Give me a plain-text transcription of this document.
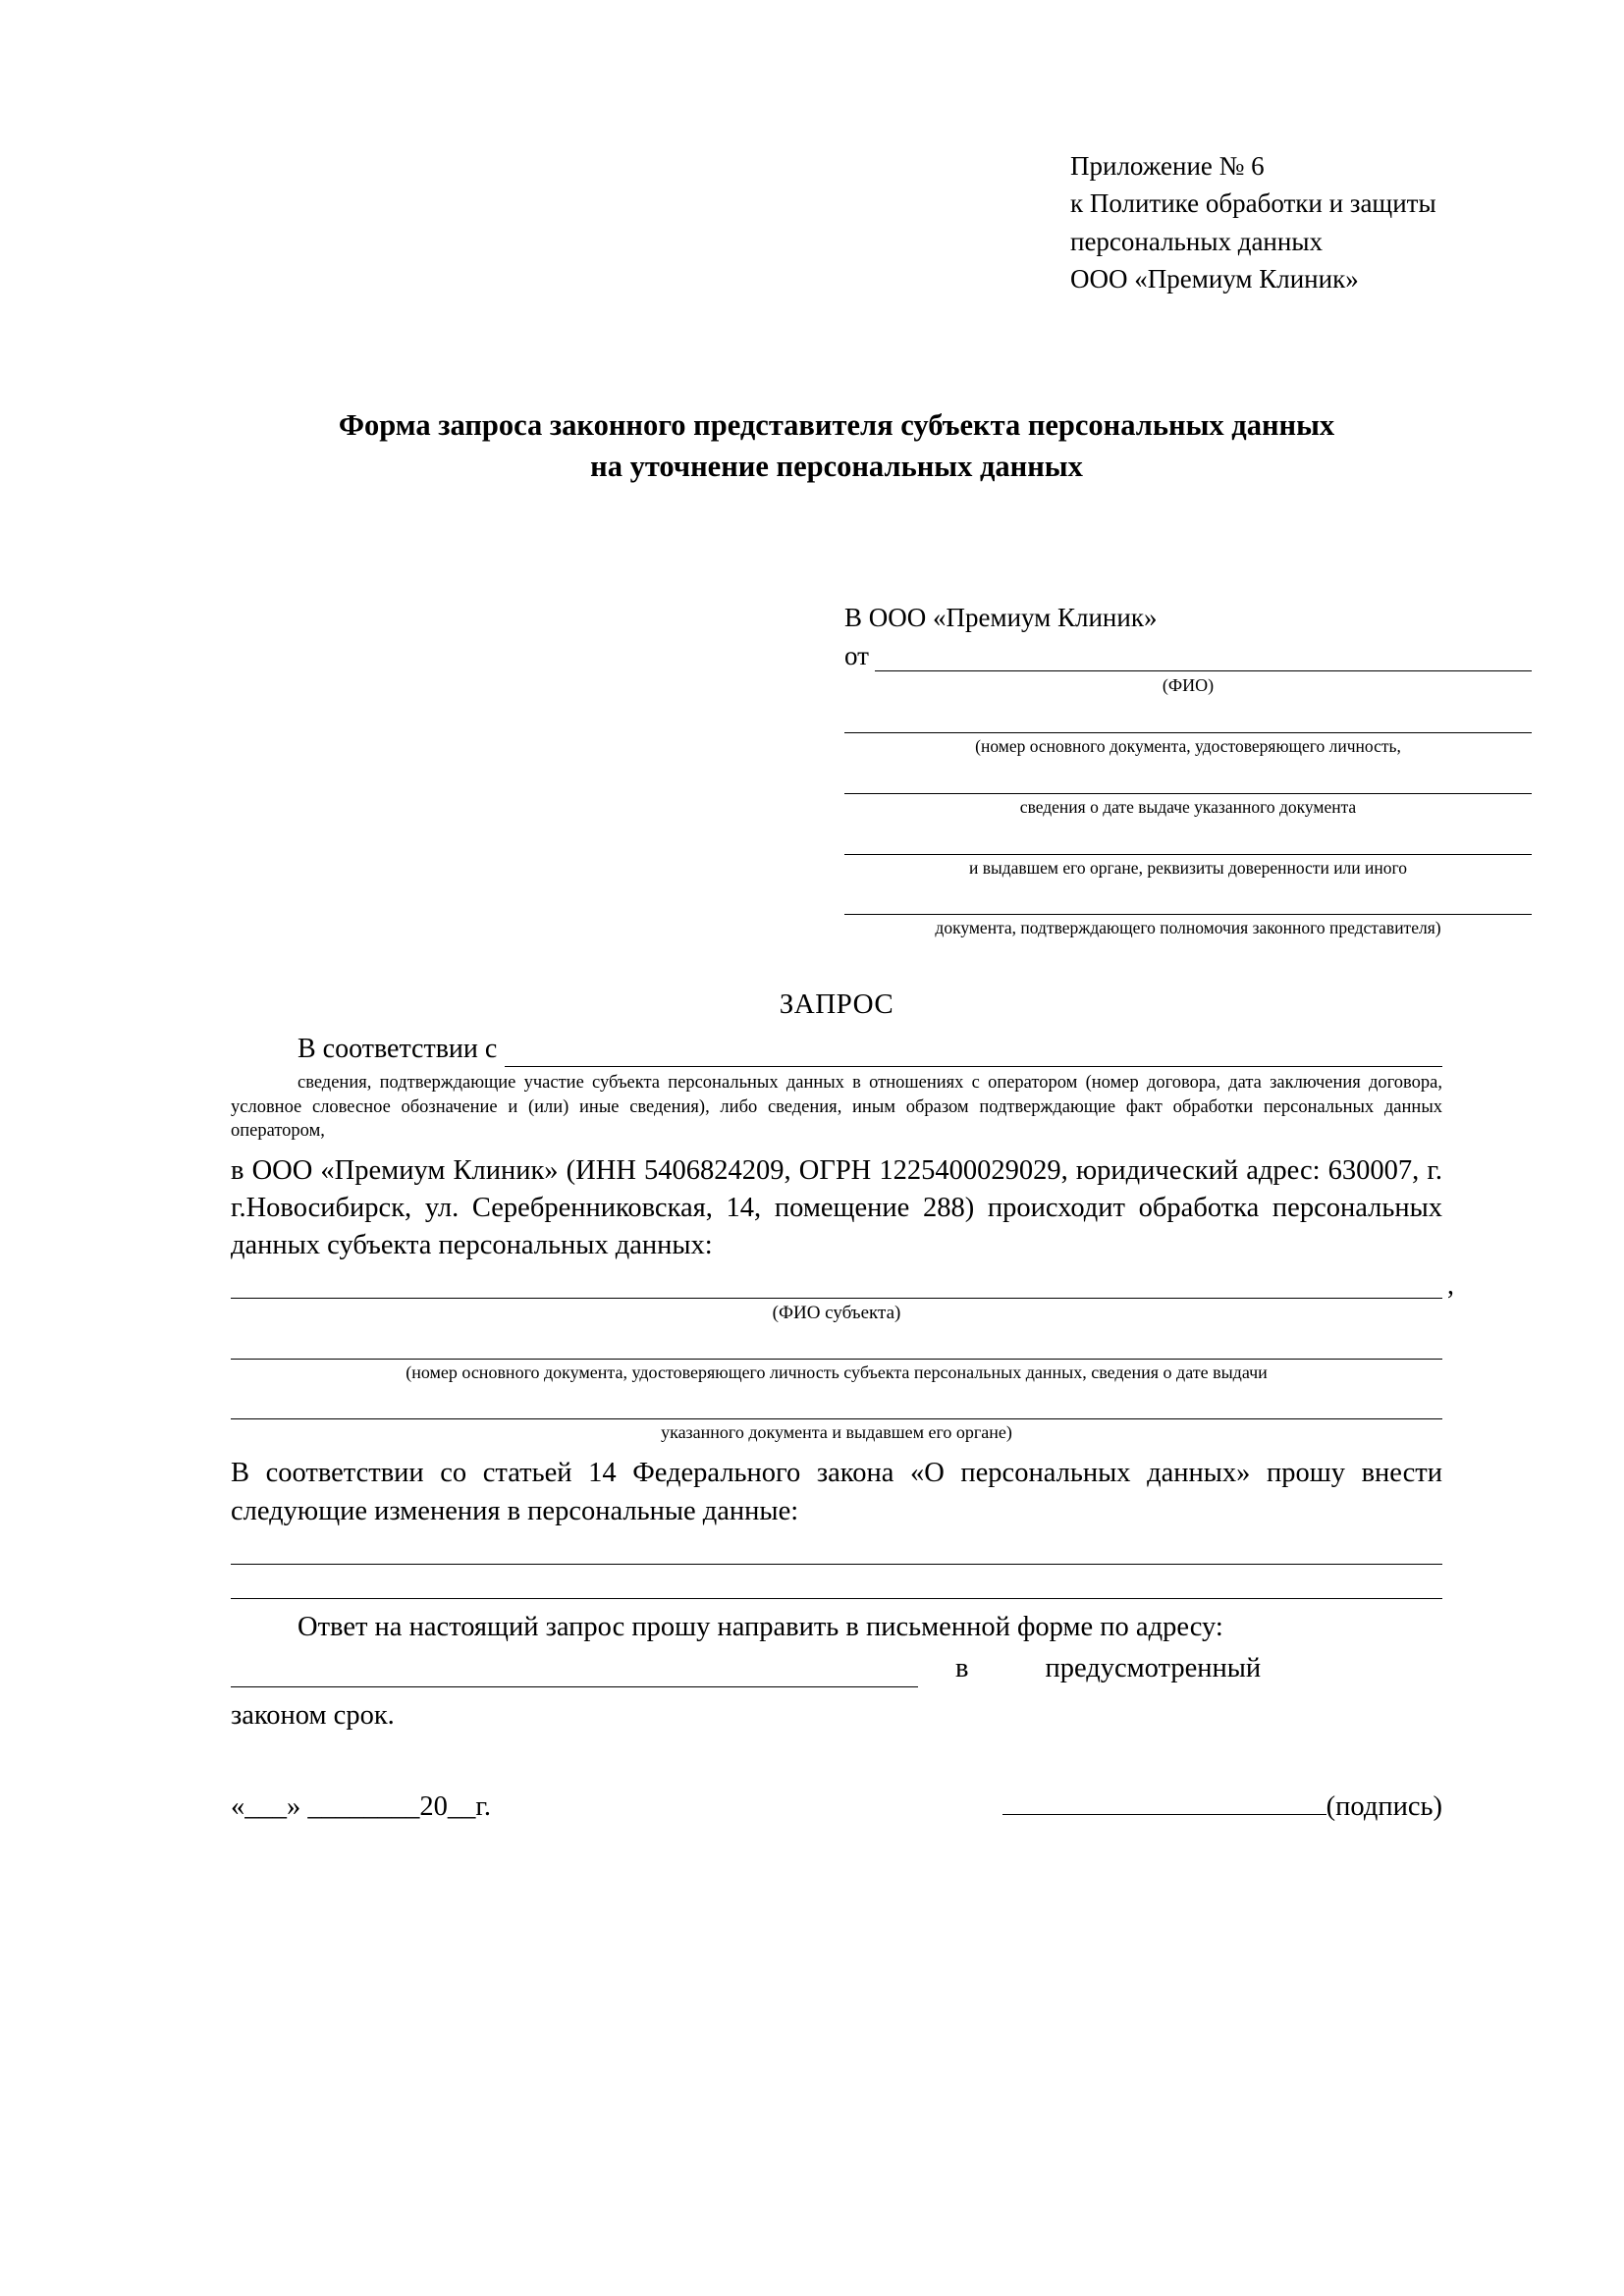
Приложение № 6
к Политике обработки и защиты
персональных данных
ООО «Премиум Клиник»
Форма запроса законного представителя субъекта персональных данных
на уточнение персональных данных
В ООО «Премиум Клиник»
от
(ФИО)
(номер основного документа, удостоверяющего личность,
сведения о дате выдаче указанного документа
и выдавшем его органе, реквизиты доверенности или иного
документа, подтверждающего полномочия законного представителя)
ЗАПРОС
В соответствии с
сведения, подтверждающие участие субъекта персональных данных в отношениях с оператором (номер договора, дата заключения договора, условное словесное обозначение и (или) иные сведения), либо сведения, иным образом подтверждающие факт обработки персональных данных оператором,
в ООО «Премиум Клиник» (ИНН 5406824209, ОГРН 1225400029029, юридический адрес: 630007, г. г.Новосибирск, ул. Серебренниковская, 14, помещение 288) происходит обработка персональных данных субъекта персональных данных:
,
(ФИО субъекта)
(номер основного документа, удостоверяющего личность субъекта персональных данных, сведения о дате выдачи
указанного документа и выдавшем его органе)
В соответствии со статьей 14 Федерального закона «О персональных данных» прошу внести следующие изменения в персональные данные:
Ответ на настоящий запрос прошу направить в письменной форме по адресу:
в	предусмотренный
законом срок.
«___» ________20__г.	(подпись)
